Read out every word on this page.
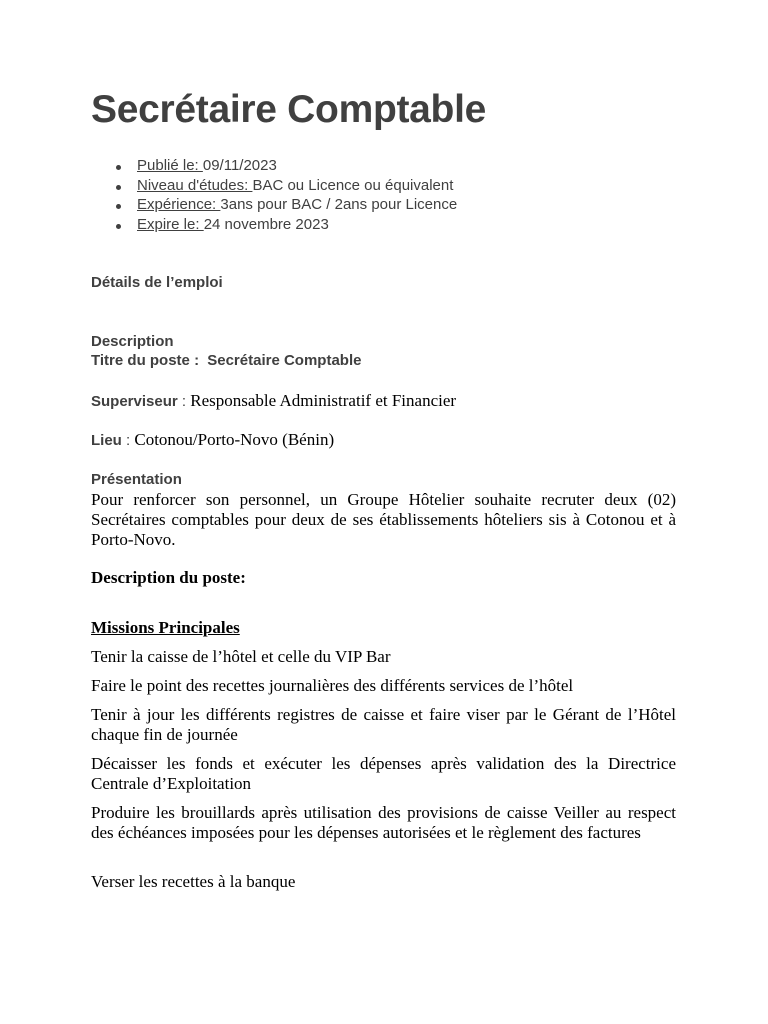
Secrétaire Comptable
Publié le: 09/11/2023
Niveau d'études: BAC ou Licence ou équivalent
Expérience: 3ans pour BAC / 2ans pour Licence
Expire le: 24 novembre 2023
Détails de l’emploi
Description
Titre du poste :  Secrétaire Comptable
Superviseur : Responsable Administratif et Financier
Lieu : Cotonou/Porto-Novo (Bénin)
Présentation
Pour renforcer son personnel, un Groupe Hôtelier souhaite recruter deux (02) Secrétaires comptables pour deux de ses établissements hôteliers sis à Cotonou et à Porto-Novo.
Description du poste:
Missions Principales
Tenir la caisse de l’hôtel et celle du VIP Bar
Faire le point des recettes journalières des différents services de l’hôtel
Tenir à jour les différents registres de caisse et faire viser par le Gérant de l’Hôtel chaque fin de journée
Décaisser les fonds et exécuter les dépenses après validation des la Directrice Centrale d’Exploitation
Produire les brouillards après utilisation des provisions de caisse Veiller au respect des échéances imposées pour les dépenses autorisées et le règlement des factures
Verser les recettes à la banque
